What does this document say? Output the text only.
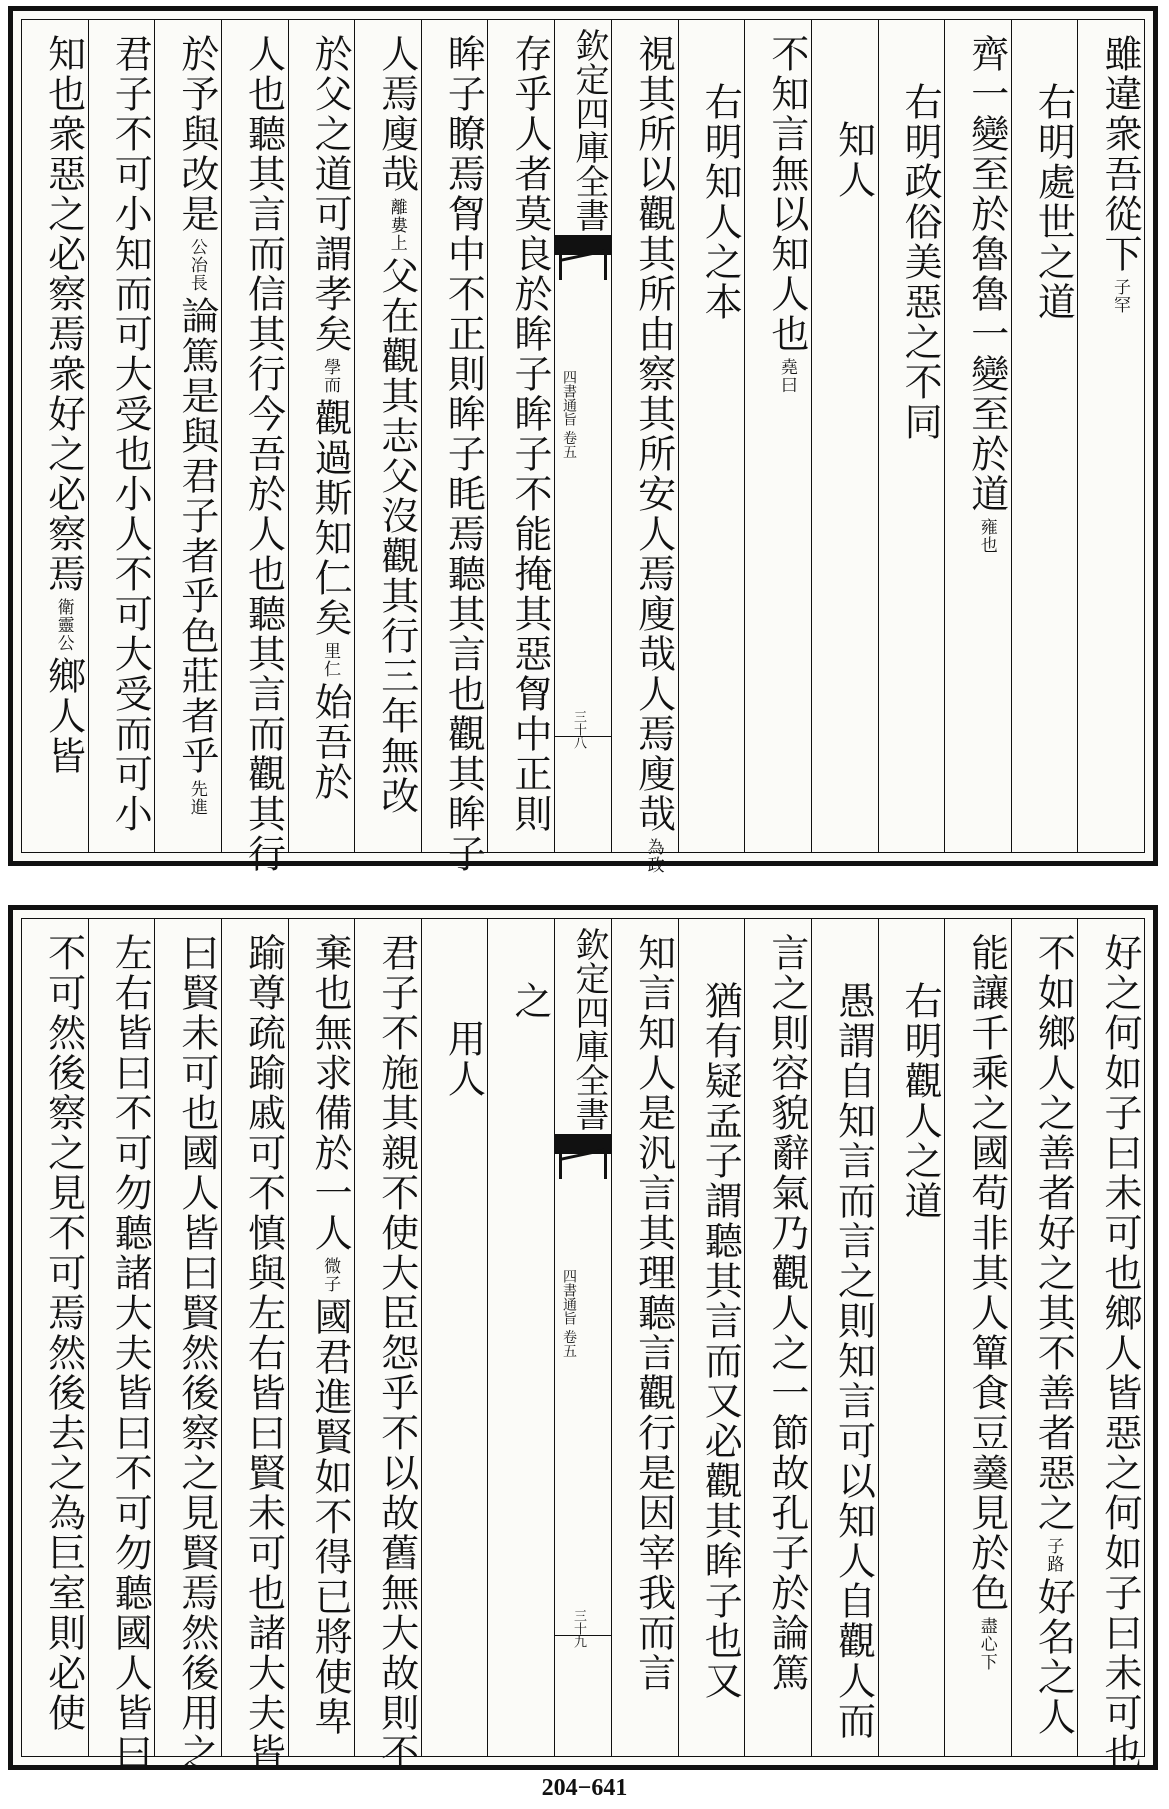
雖違衆吾從下子罕
右明處世之道
齊一變至於魯魯一變至於道雍也
右明政俗美惡之不同
知人
不知言無以知人也堯曰
右明知人之本
視其所以觀其所由察其所安人焉廋哉人焉廋哉為政
欽定四庫全書
四書通旨 卷五
三十八
存乎人者莫良於眸子眸子不能掩其惡胷中正則
眸子瞭焉胷中不正則眸子眊焉聽其言也觀其眸子
人焉廋哉離婁上父在觀其志父沒觀其行三年無改
於父之道可謂孝矣學而觀過斯知仁矣里仁始吾於
人也聽其言而信其行今吾於人也聽其言而觀其行
於予與改是公冶長論篤是與君子者乎色莊者乎先進
君子不可小知而可大受也小人不可大受而可小
知也衆惡之必察焉衆好之必察焉衛靈公鄉人皆
好之何如子曰未可也鄉人皆惡之何如子曰未可也
不如鄉人之善者好之其不善者惡之子路好名之人
能讓千乘之國苟非其人簞食豆羹見於色盡心下
右明觀人之道
愚謂自知言而言之則知言可以知人自觀人而
言之則容貌辭氣乃觀人之一節故孔子於論篤
猶有疑孟子謂聽其言而又必觀其眸子也又
知言知人是汎言其理聽言觀行是因宰我而言
欽定四庫全書
四書通旨 卷五
三十九
之
用人
君子不施其親不使大臣怨乎不以故舊無大故則不
棄也無求備於一人微子國君進賢如不得已將使卑
踰尊疏踰戚可不慎與左右皆曰賢未可也諸大夫皆
曰賢未可也國人皆曰賢然後察之見賢焉然後用之
左右皆曰不可勿聽諸大夫皆曰不可勿聽國人皆曰
不可然後察之見不可焉然後去之為巨室則必使
204−641
